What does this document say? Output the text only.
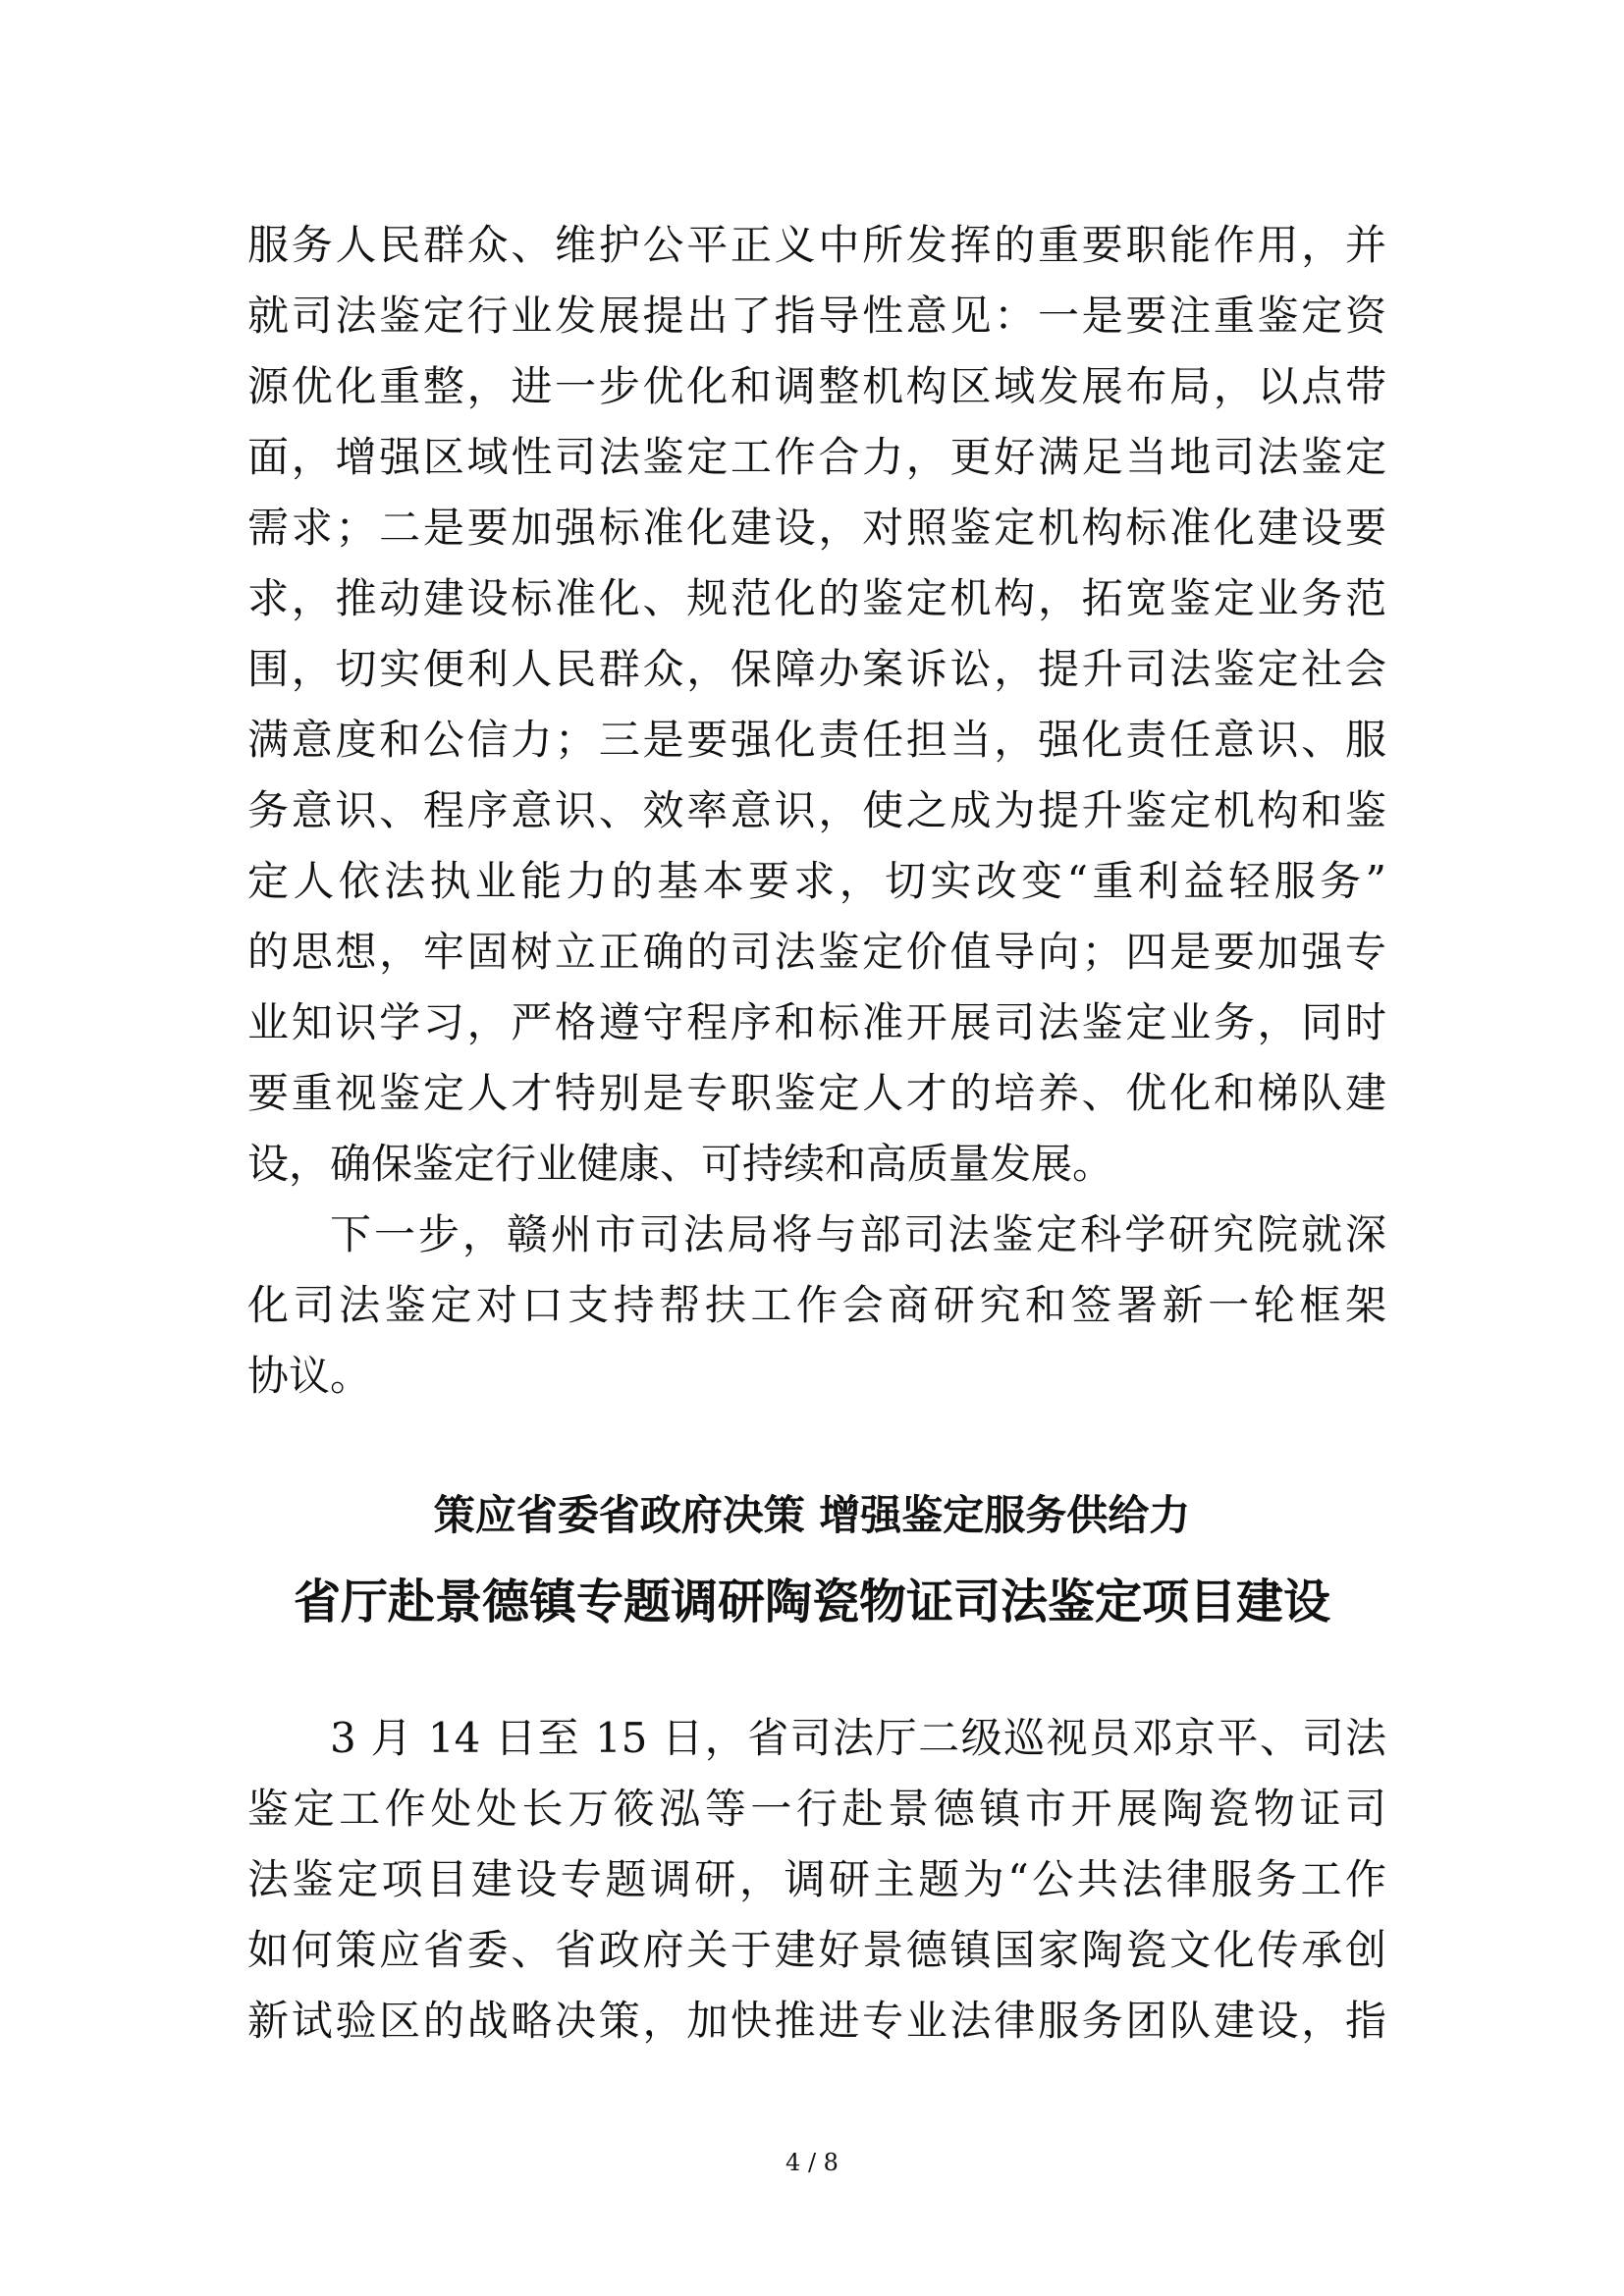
服务人民群众、维护公平正义中所发挥的重要职能作用，并
就司法鉴定行业发展提出了指导性意见：一是要注重鉴定资
源优化重整，进一步优化和调整机构区域发展布局，以点带
面，增强区域性司法鉴定工作合力，更好满足当地司法鉴定
需求；二是要加强标准化建设，对照鉴定机构标准化建设要
求，推动建设标准化、规范化的鉴定机构，拓宽鉴定业务范
围，切实便利人民群众，保障办案诉讼，提升司法鉴定社会
满意度和公信力；三是要强化责任担当，强化责任意识、服
务意识、程序意识、效率意识，使之成为提升鉴定机构和鉴
定人依法执业能力的基本要求，切实改变“重利益轻服务”
的思想，牢固树立正确的司法鉴定价值导向；四是要加强专
业知识学习，严格遵守程序和标准开展司法鉴定业务，同时
要重视鉴定人才特别是专职鉴定人才的培养、优化和梯队建
设，确保鉴定行业健康、可持续和高质量发展。
下一步，赣州市司法局将与部司法鉴定科学研究院就深
化司法鉴定对口支持帮扶工作会商研究和签署新一轮框架
协议。
策应省委省政府决策 增强鉴定服务供给力
省厅赴景德镇专题调研陶瓷物证司法鉴定项目建设
3 月 14 日至 15 日，省司法厅二级巡视员邓京平、司法
鉴定工作处处长万筱泓等一行赴景德镇市开展陶瓷物证司
法鉴定项目建设专题调研，调研主题为“公共法律服务工作
如何策应省委、省政府关于建好景德镇国家陶瓷文化传承创
新试验区的战略决策，加快推进专业法律服务团队建设，指
4 / 8
